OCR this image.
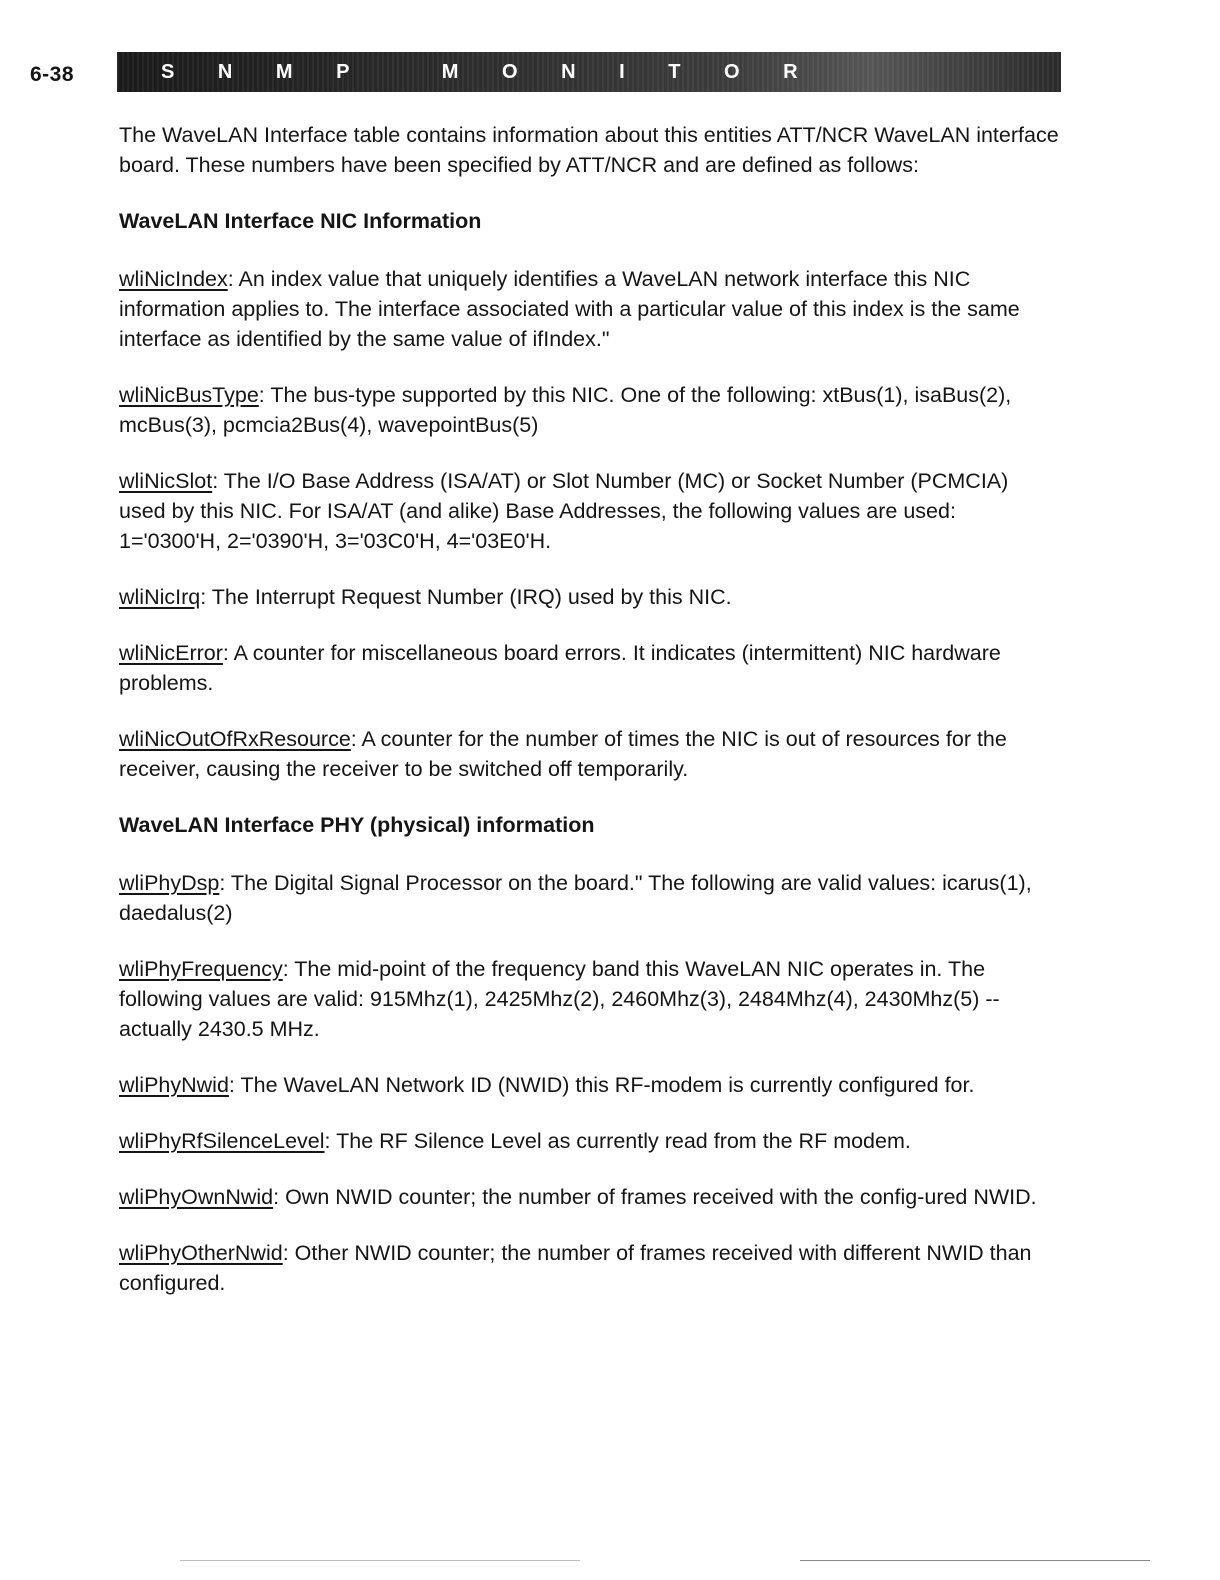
6-38	S N M P   M O N I T O R

The WaveLAN Interface table contains information about this entities ATT/NCR WaveLAN interface board. These numbers have been specified by ATT/NCR and are defined as follows:

WaveLAN Interface NIC Information

wliNicIndex: An index value that uniquely identifies a WaveLAN network interface this NIC information applies to. The interface associated with a particular value of this index is the same interface as identified by the same value of ifIndex."

wliNicBusType: The bus-type supported by this NIC. One of the following: xtBus(1), isaBus(2), mcBus(3), pcmcia2Bus(4), wavepointBus(5)

wliNicSlot: The I/O Base Address (ISA/AT) or Slot Number (MC) or Socket Number (PCMCIA) used by this NIC. For ISA/AT (and alike) Base Addresses, the following values are used: 1='0300'H, 2='0390'H, 3='03C0'H, 4='03E0'H.

wliNicIrq: The Interrupt Request Number (IRQ) used by this NIC.

wliNicError: A counter for miscellaneous board errors. It indicates (intermittent) NIC hardware problems.

wliNicOutOfRxResource: A counter for the number of times the NIC is out of resources for the receiver, causing the receiver to be switched off temporarily.

WaveLAN Interface PHY (physical) information

wliPhyDsp: The Digital Signal Processor on the board." The following are valid values: icarus(1), daedalus(2)

wliPhyFrequency: The mid-point of the frequency band this WaveLAN NIC operates in. The following values are valid: 915Mhz(1), 2425Mhz(2), 2460Mhz(3), 2484Mhz(4), 2430Mhz(5) -- actually 2430.5 MHz.

wliPhyNwid: The WaveLAN Network ID (NWID) this RF-modem is currently configured for.

wliPhyRfSilenceLevel: The RF Silence Level as currently read from the RF modem.

wliPhyOwnNwid: Own NWID counter; the number of frames received with the config-ured NWID.

wliPhyOtherNwid: Other NWID counter; the number of frames received with different NWID than configured.
